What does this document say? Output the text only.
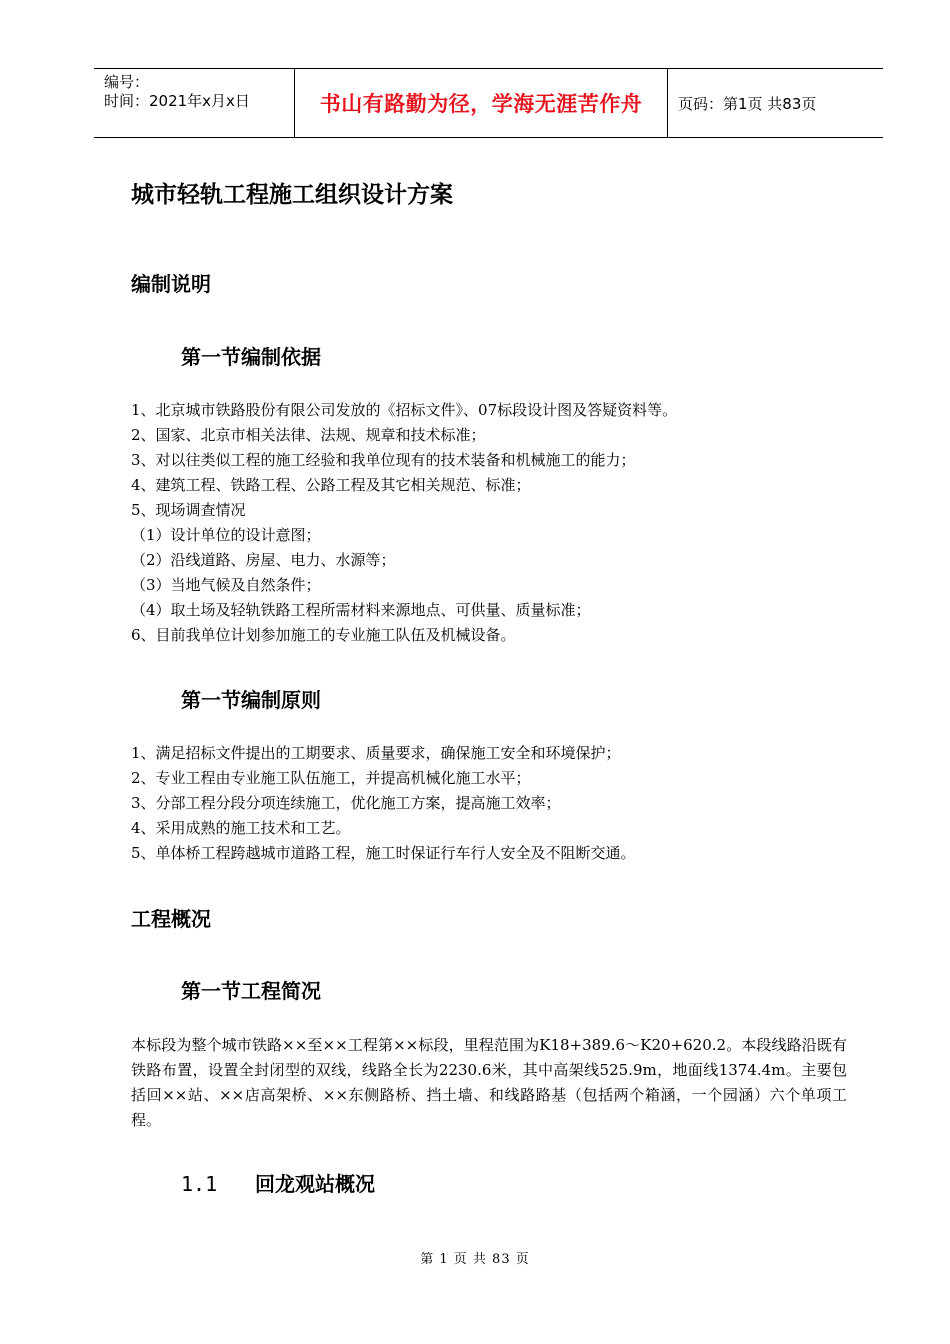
编号：
时间：2021年x月x日	书山有路勤为径，学海无涯苦作舟	页码：第1页 共83页
城市轻轨工程施工组织设计方案
编制说明
第一节编制依据
1、北京城市铁路股份有限公司发放的《招标文件》、07标段设计图及答疑资料等。
2、国家、北京市相关法律、法规、规章和技术标准；
3、对以往类似工程的施工经验和我单位现有的技术装备和机械施工的能力；
4、建筑工程、铁路工程、公路工程及其它相关规范、标准；
5、现场调查情况
（1）设计单位的设计意图；
（2）沿线道路、房屋、电力、水源等；
（3）当地气候及自然条件；
（4）取土场及轻轨铁路工程所需材料来源地点、可供量、质量标准；
6、目前我单位计划参加施工的专业施工队伍及机械设备。
第一节编制原则
1、满足招标文件提出的工期要求、质量要求，确保施工安全和环境保护；
2、专业工程由专业施工队伍施工，并提高机械化施工水平；
3、分部工程分段分项连续施工，优化施工方案，提高施工效率；
4、采用成熟的施工技术和工艺。
5、单体桥工程跨越城市道路工程，施工时保证行车行人安全及不阻断交通。
工程概况
第一节工程简况
本标段为整个城市铁路××至××工程第××标段，里程范围为K18+389.6～K20+620.2。本段线路沿既有铁路布置，设置全封闭型的双线，线路全长为2230.6米，其中高架线525.9m，地面线1374.4m。主要包括回××站、××店高架桥、××东侧路桥、挡土墙、和线路路基（包括两个箱涵，一个园涵）六个单项工程。
1.1 回龙观站概况
第 1 页 共 83 页
